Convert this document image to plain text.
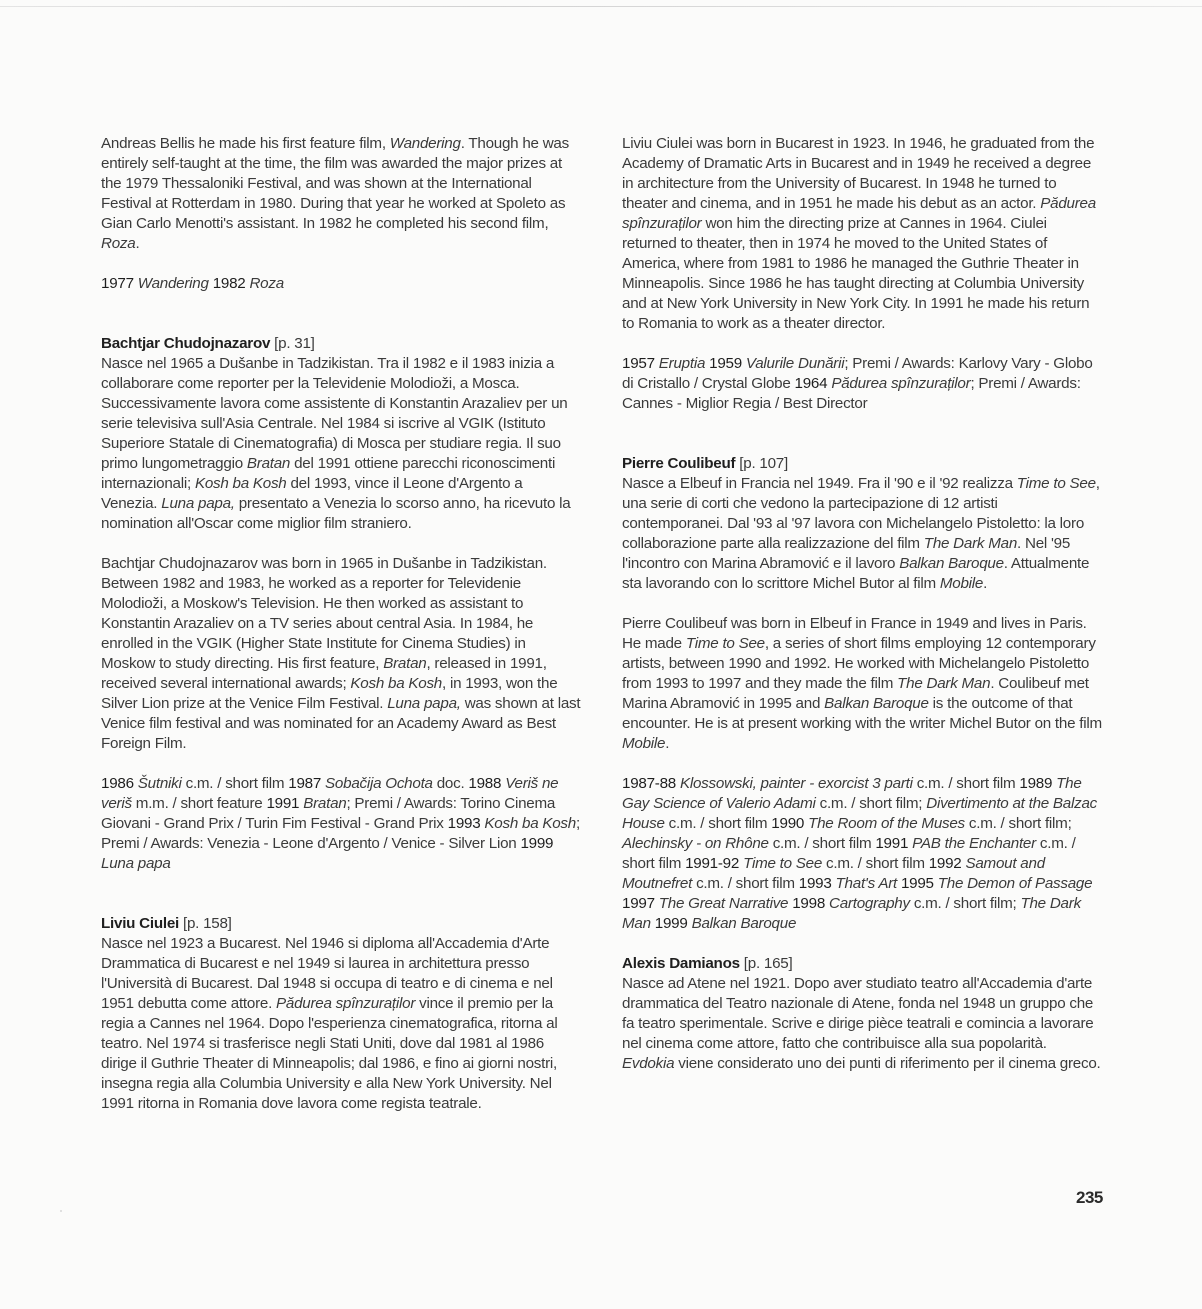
Andreas Bellis he made his first feature film, Wandering. Though he was entirely self-taught at the time, the film was awarded the major prizes at the 1979 Thessaloniki Festival, and was shown at the International Festival at Rotterdam in 1980. During that year he worked at Spoleto as Gian Carlo Menotti's assistant. In 1982 he completed his second film, Roza.

1977 Wandering 1982 Roza

Bachtjar Chudojnazarov [p. 31]

Nasce nel 1965 a Dušanbe in Tadzikistan. Tra il 1982 e il 1983 inizia a collaborare come reporter per la Televidenie Molodioži, a Mosca. Successivamente lavora come assistente di Konstantin Arazaliev per un serie televisiva sull'Asia Centrale. Nel 1984 si iscrive al VGIK (Istituto Superiore Statale di Cinematografia) di Mosca per studiare regia. Il suo primo lungometraggio Bratan del 1991 ottiene parecchi riconoscimenti internazionali; Kosh ba Kosh del 1993, vince il Leone d'Argento a Venezia. Luna papa, presentato a Venezia lo scorso anno, ha ricevuto la nomination all'Oscar come miglior film straniero.

Bachtjar Chudojnazarov was born in 1965 in Dušanbe in Tadzikistan. Between 1982 and 1983, he worked as a reporter for Televidenie Molodioži, a Moskow's Television. He then worked as assistant to Konstantin Arazaliev on a TV series about central Asia. In 1984, he enrolled in the VGIK (Higher State Institute for Cinema Studies) in Moskow to study directing. His first feature, Bratan, released in 1991, received several international awards; Kosh ba Kosh, in 1993, won the Silver Lion prize at the Venice Film Festival. Luna papa, was shown at last Venice film festival and was nominated for an Academy Award as Best Foreign Film.

1986 Šutniki c.m. / short film 1987 Sobačija Ochota doc. 1988 Veriš ne veriš m.m. / short feature 1991 Bratan; Premi / Awards: Torino Cinema Giovani - Grand Prix / Turin Fim Festival - Grand Prix 1993 Kosh ba Kosh; Premi / Awards: Venezia - Leone d'Argento / Venice - Silver Lion 1999 Luna papa

Liviu Ciulei [p. 158]

Nasce nel 1923 a Bucarest. Nel 1946 si diploma all'Accademia d'Arte Drammatica di Bucarest e nel 1949 si laurea in architettura presso l'Università di Bucarest. Dal 1948 si occupa di teatro e di cinema e nel 1951 debutta come attore. Pădurea spînzuraților vince il premio per la regia a Cannes nel 1964. Dopo l'esperienza cinematografica, ritorna al teatro. Nel 1974 si trasferisce negli Stati Uniti, dove dal 1981 al 1986 dirige il Guthrie Theater di Minneapolis; dal 1986, e fino ai giorni nostri, insegna regia alla Columbia University e alla New York University. Nel 1991 ritorna in Romania dove lavora come regista teatrale.

Liviu Ciulei was born in Bucarest in 1923. In 1946, he graduated from the Academy of Dramatic Arts in Bucarest and in 1949 he received a degree in architecture from the University of Bucarest. In 1948 he turned to theater and cinema, and in 1951 he made his debut as an actor. Pădurea spînzuraților won him the directing prize at Cannes in 1964. Ciulei returned to theater, then in 1974 he moved to the United States of America, where from 1981 to 1986 he managed the Guthrie Theater in Minneapolis. Since 1986 he has taught directing at Columbia University and at New York University in New York City. In 1991 he made his return to Romania to work as a theater director.

1957 Eruptia 1959 Valurile Dunării; Premi / Awards: Karlovy Vary - Globo di Cristallo / Crystal Globe 1964 Pădurea spînzuraților; Premi / Awards: Cannes - Miglior Regia / Best Director

Pierre Coulibeuf [p. 107]

Nasce a Elbeuf in Francia nel 1949. Fra il '90 e il '92 realizza Time to See, una serie di corti che vedono la partecipazione di 12 artisti contemporanei. Dal '93 al '97 lavora con Michelangelo Pistoletto: la loro collaborazione parte alla realizzazione del film The Dark Man. Nel '95 l'incontro con Marina Abramović e il lavoro Balkan Baroque. Attualmente sta lavorando con lo scrittore Michel Butor al film Mobile.

Pierre Coulibeuf was born in Elbeuf in France in 1949 and lives in Paris. He made Time to See, a series of short films employing 12 contemporary artists, between 1990 and 1992. He worked with Michelangelo Pistoletto from 1993 to 1997 and they made the film The Dark Man. Coulibeuf met Marina Abramović in 1995 and Balkan Baroque is the outcome of that encounter. He is at present working with the writer Michel Butor on the film Mobile.

1987-88 Klossowski, painter - exorcist 3 parti c.m. / short film 1989 The Gay Science of Valerio Adami c.m. / short film; Divertimento at the Balzac House c.m. / short film 1990 The Room of the Muses c.m. / short film; Alechinsky - on Rhône c.m. / short film 1991 PAB the Enchanter c.m. / short film 1991-92 Time to See c.m. / short film 1992 Samout and Moutnefret c.m. / short film 1993 That's Art 1995 The Demon of Passage 1997 The Great Narrative 1998 Cartography c.m. / short film; The Dark Man 1999 Balkan Baroque

Alexis Damianos [p. 165]

Nasce ad Atene nel 1921. Dopo aver studiato teatro all'Accademia d'arte drammatica del Teatro nazionale di Atene, fonda nel 1948 un gruppo che fa teatro sperimentale. Scrive e dirige pièce teatrali e comincia a lavorare nel cinema come attore, fatto che contribuisce alla sua popolarità. Evdokia viene considerato uno dei punti di riferimento per il cinema greco.

235
